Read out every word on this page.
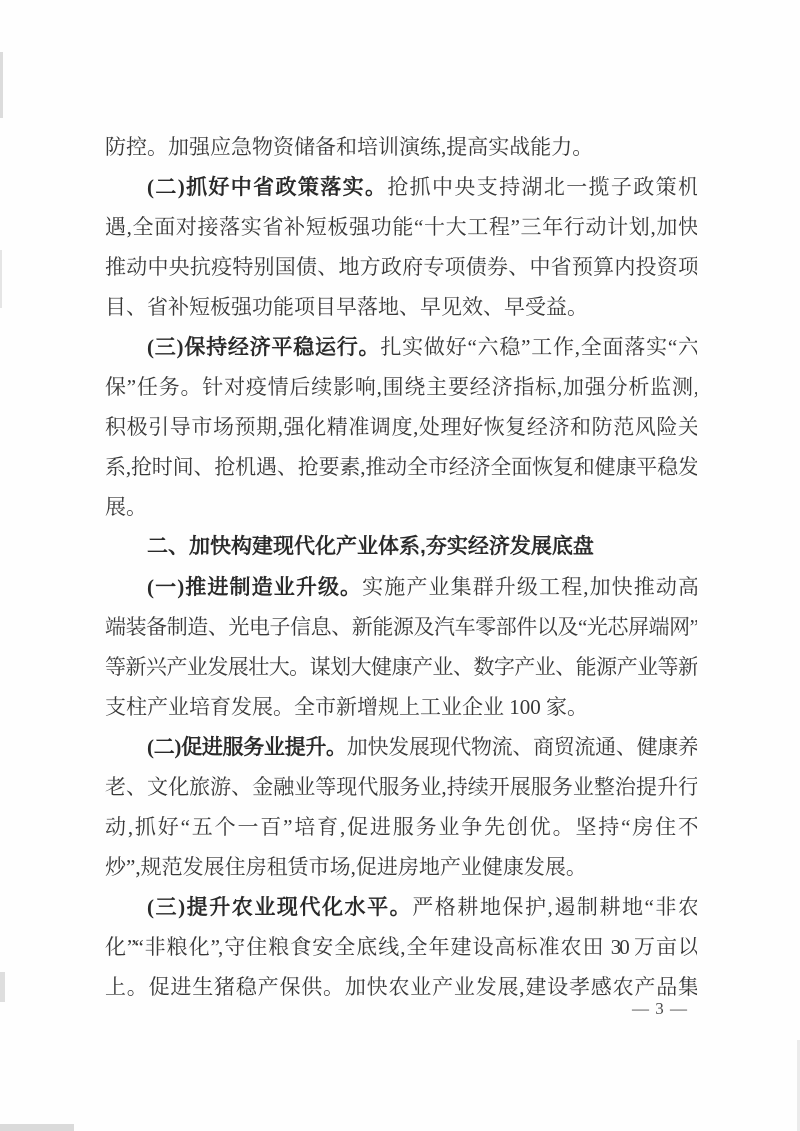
防控。加强应急物资储备和培训演练,提高实战能力。
(二)抓好中省政策落实。抢抓中央支持湖北一揽子政策机
遇,全面对接落实省补短板强功能“十大工程”三年行动计划,加快
推动中央抗疫特别国债、地方政府专项债券、中省预算内投资项
目、省补短板强功能项目早落地、早见效、早受益。
(三)保持经济平稳运行。扎实做好“六稳”工作,全面落实“六
保”任务。针对疫情后续影响,围绕主要经济指标,加强分析监测,
积极引导市场预期,强化精准调度,处理好恢复经济和防范风险关
系,抢时间、抢机遇、抢要素,推动全市经济全面恢复和健康平稳发
展。
二、加快构建现代化产业体系,夯实经济发展底盘
(一)推进制造业升级。实施产业集群升级工程,加快推动高
端装备制造、光电子信息、新能源及汽车零部件以及“光芯屏端网”
等新兴产业发展壮大。谋划大健康产业、数字产业、能源产业等新
支柱产业培育发展。全市新增规上工业企业 100 家。
(二)促进服务业提升。加快发展现代物流、商贸流通、健康养
老、文化旅游、金融业等现代服务业,持续开展服务业整治提升行
动,抓好“五个一百”培育,促进服务业争先创优。坚持“房住不
炒”,规范发展住房租赁市场,促进房地产业健康发展。
(三)提升农业现代化水平。严格耕地保护,遏制耕地“非农
化”“非粮化”,守住粮食安全底线,全年建设高标准农田 30 万亩以
上。促进生猪稳产保供。加快农业产业发展,建设孝感农产品集
— 3 —
